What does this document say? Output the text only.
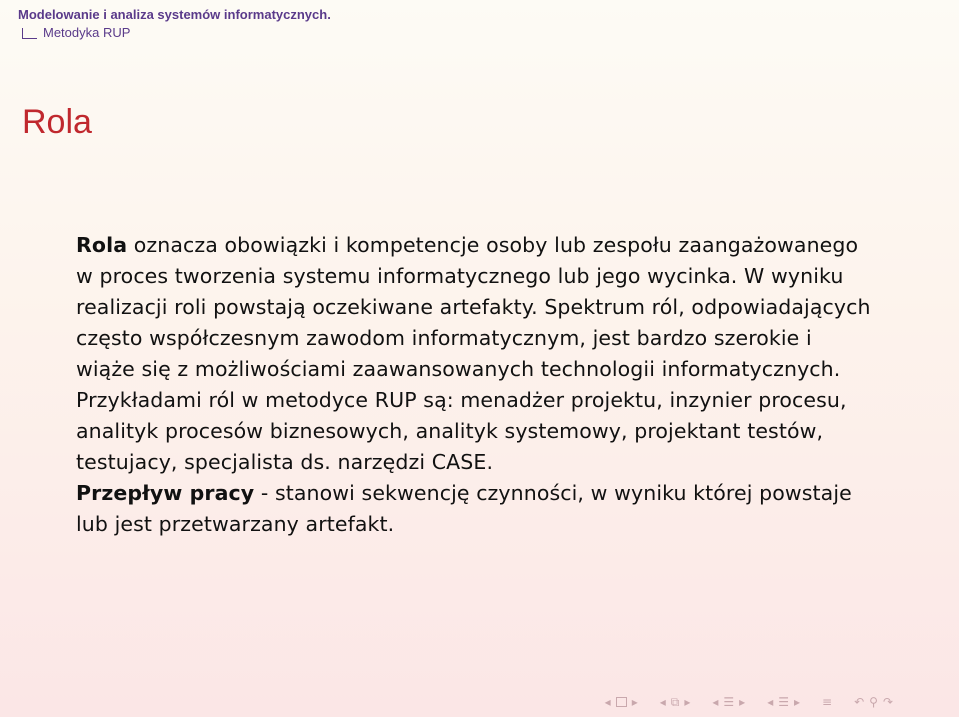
Modelowanie i analiza systemów informatycznych.
Metodyka RUP
Rola

Rola oznacza obowiązki i kompetencje osoby lub zespołu zaangażowanego w proces tworzenia systemu informatycznego lub jego wycinka. W wyniku realizacji roli powstają oczekiwane artefakty. Spektrum ról, odpowiadających często współczesnym zawodom informatycznym, jest bardzo szerokie i wiąże się z możliwościami zaawansowanych technologii informatycznych. Przykładami ról w metodyce RUP są: menadżer projektu, inzynier procesu, analityk procesów biznesowych, analityk systemowy, projektant testów, testujacy, specjalista ds. narzędzi CASE.

Przepływ pracy - stanowi sekwencję czynności, w wyniku której powstaje lub jest przetwarzany artefakt.

◂ ▸ ◂ ⧉ ▸ ◂ ☰ ▸ ◂ ☰ ▸ ≡ ↶ ⚲ ↷
